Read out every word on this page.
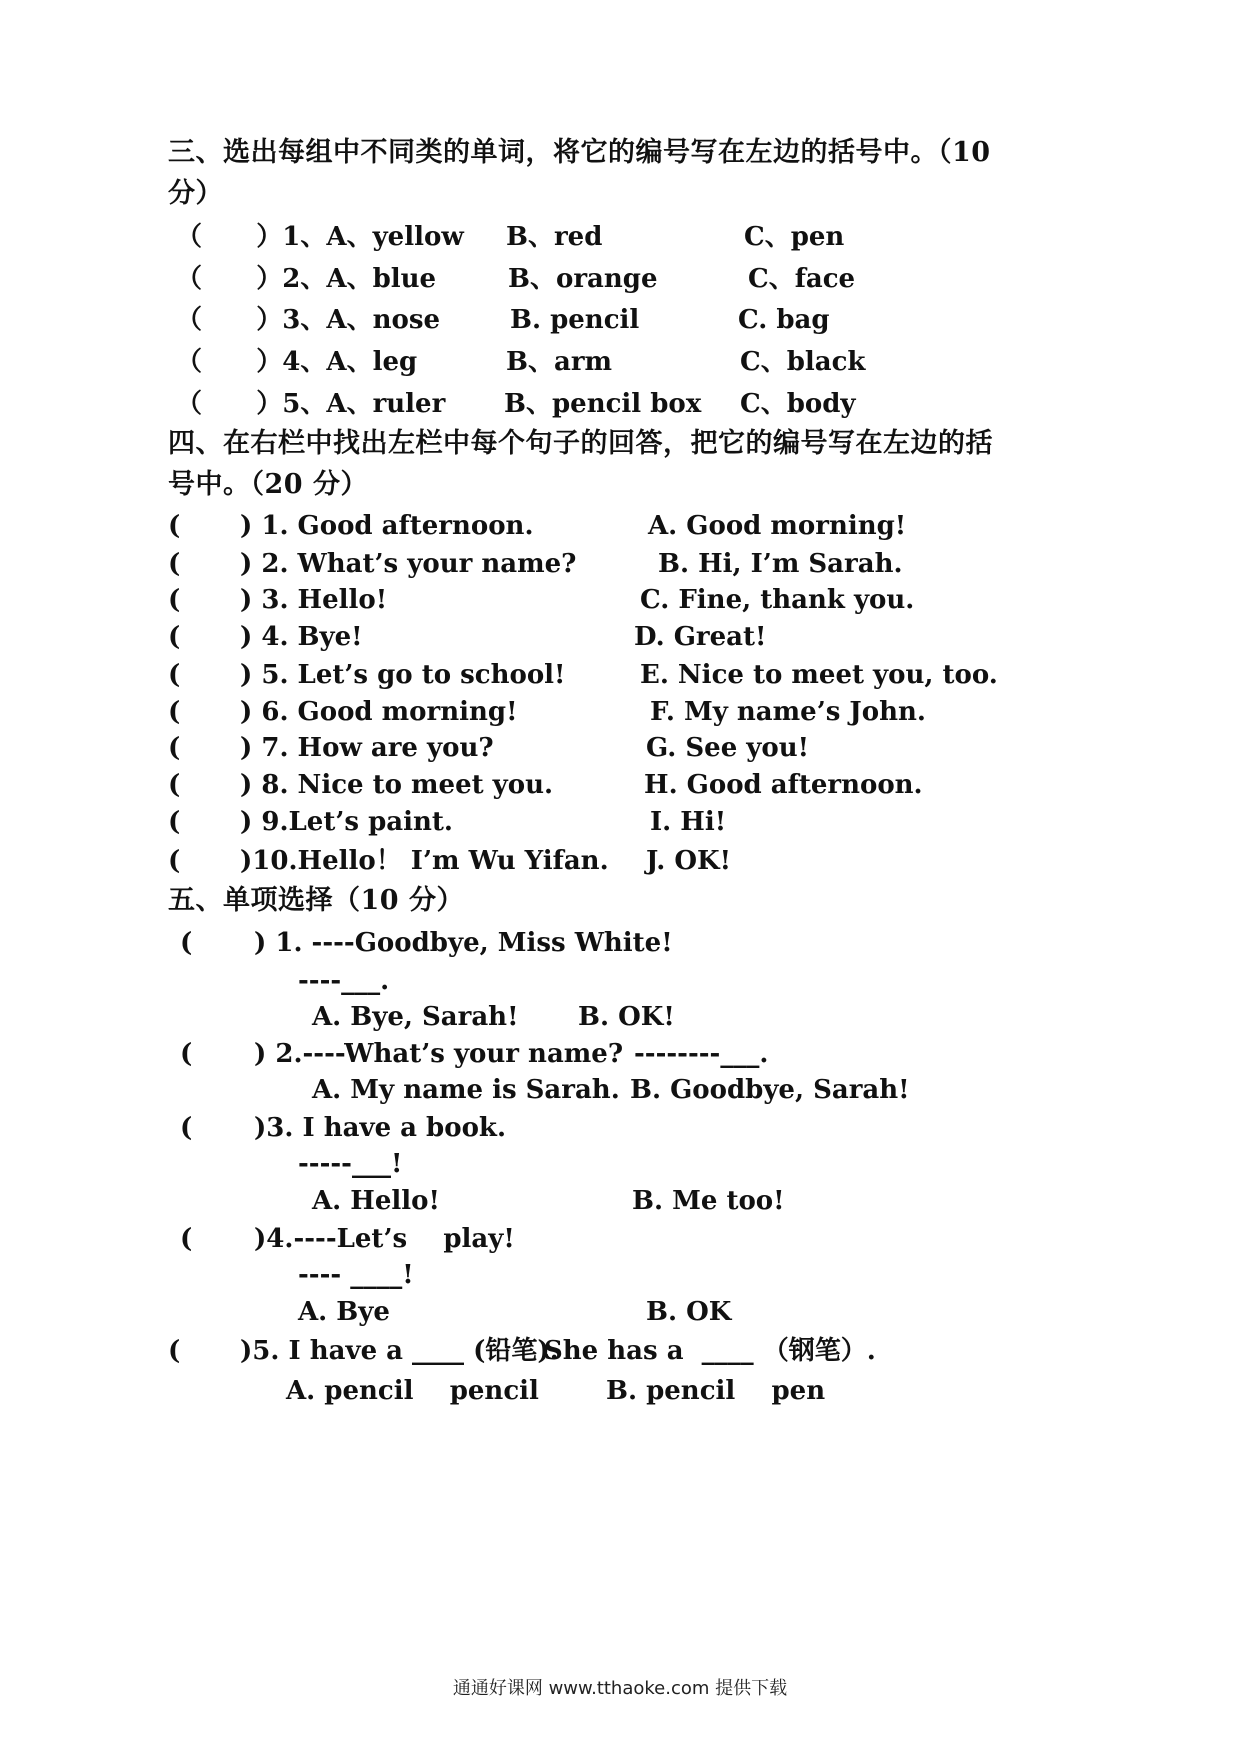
三、选出每组中不同类的单词，将它的编号写在左边的括号中。（10
分）
（      ）1、A、yellow B、red	C、pen
（      ）2、A、blue	B、orange	C、face
（      ）3、A、nose	B. pencil	C. bag
（      ）4、A、leg	B、arm	C、black
（      ）5、A、ruler B、pencil box C、body
四、在右栏中找出左栏中每个句子的回答，把它的编号写在左边的括
号中。（20 分）
( ) 1. Good afternoon.	A. Good morning!
( ) 2. What’s your name?	B. Hi, I’m Sarah.
( ) 3. Hello!	C. Fine, thank you.
( ) 4. Bye!	D. Great!
( ) 5. Let’s go to school!	E. Nice to meet you, too.
( ) 6. Good morning!	F. My name’s John.
( ) 7. How are you?	G. See you!
( ) 8. Nice to meet you.	H. Good afternoon.
( ) 9.Let’s paint.	I. Hi!
( )10.Hello！ I’m Wu Yifan. J. OK!
五、单项选择（10 分）
( ) 1. ----Goodbye, Miss White!
----___.
A. Bye, Sarah! B. OK!
( ) 2.----What’s your name? --------___.
A. My name is Sarah. B. Goodbye, Sarah!
( )3. I have a book.
-----___!
A. Hello!	B. Me too!
( )4.----Let’s    play!
---- ____!
A. Bye	B. OK
( )5. I have a ____ (铅笔).
She has a  ____ （钢笔）.
A. pencil    pencil	B. pencil    pen
通通好课网 www.tthaoke.com 提供下载
